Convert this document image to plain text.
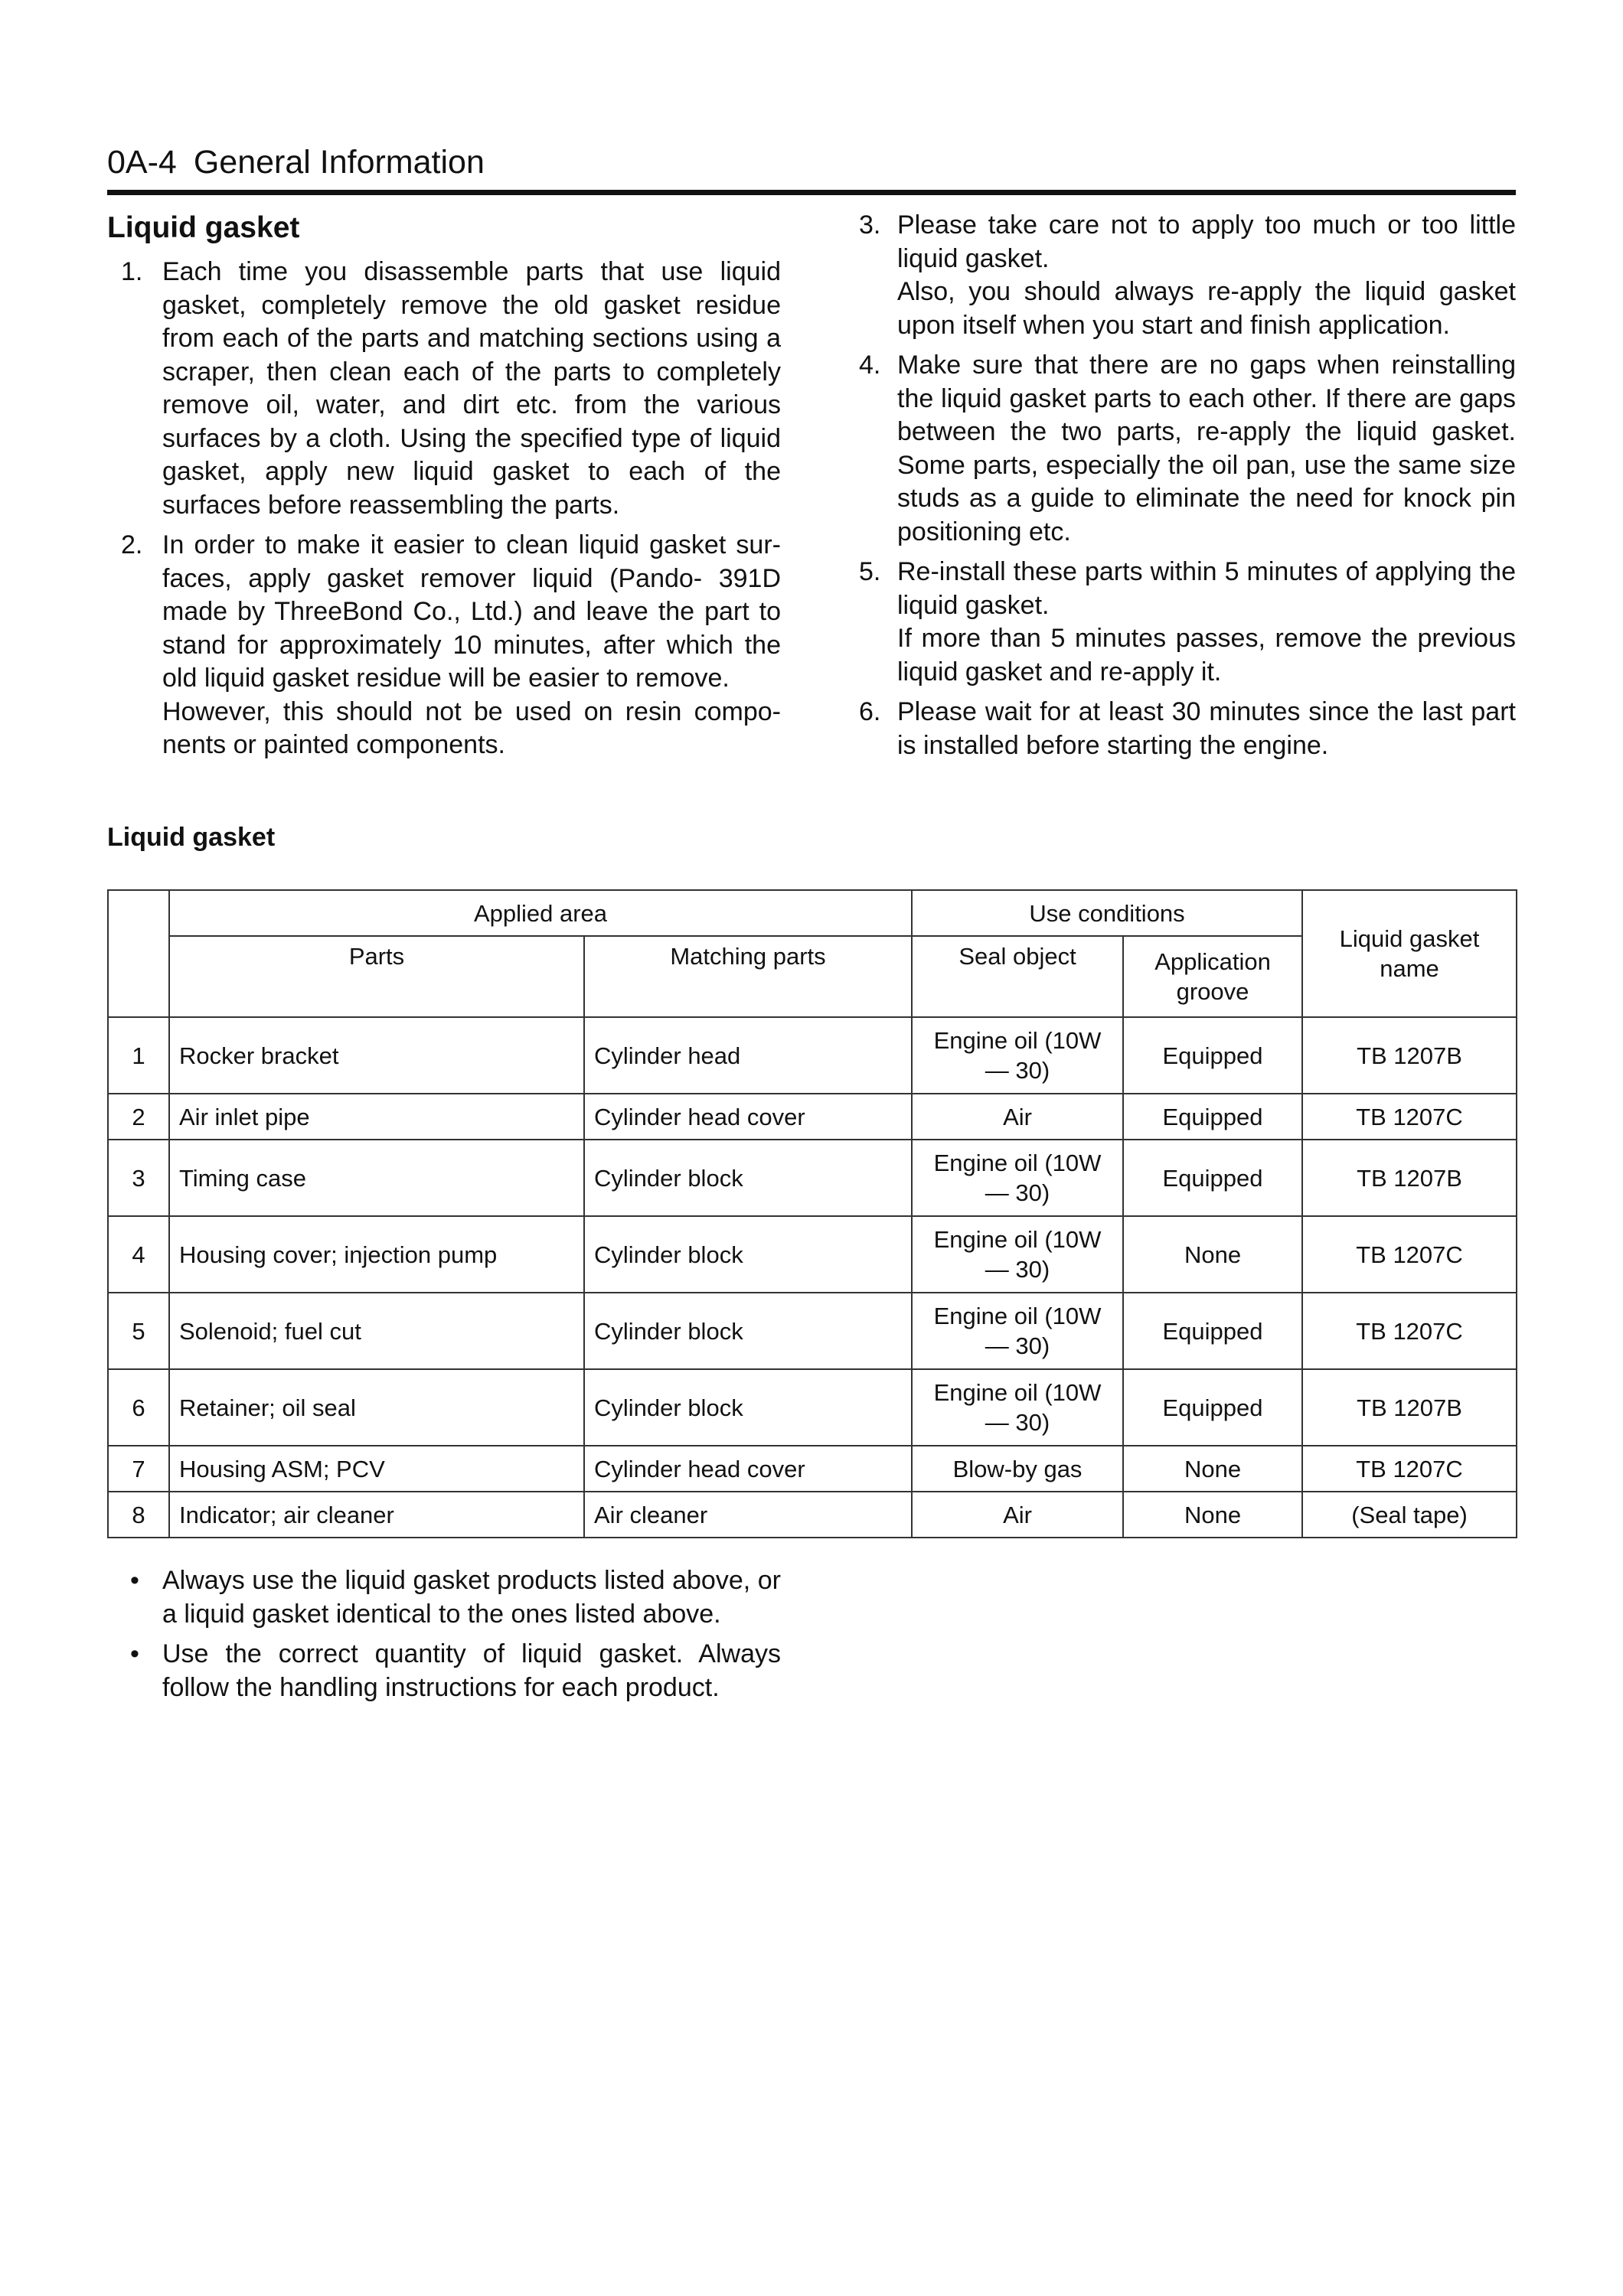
0A-4 General Information
Liquid gasket
1. Each time you disassemble parts that use liquid gasket, completely remove the old gasket residue from each of the parts and matching sections using a scraper, then clean each of the parts to completely remove oil, water, and dirt etc. from the various surfaces by a cloth. Using the specified type of liquid gasket, apply new liquid gasket to each of the surfaces before reassembling the parts.
2. In order to make it easier to clean liquid gasket surfaces, apply gasket remover liquid (Pando- 391D made by ThreeBond Co., Ltd.) and leave the part to stand for approximately 10 minutes, after which the old liquid gasket residue will be easier to remove.
However, this should not be used on resin components or painted components.
3. Please take care not to apply too much or too little liquid gasket.
Also, you should always re-apply the liquid gasket upon itself when you start and finish application.
4. Make sure that there are no gaps when reinstalling the liquid gasket parts to each other. If there are gaps between the two parts, re-apply the liquid gasket. Some parts, especially the oil pan, use the same size studs as a guide to eliminate the need for knock pin positioning etc.
5. Re-install these parts within 5 minutes of applying the liquid gasket.
If more than 5 minutes passes, remove the previous liquid gasket and re-apply it.
6. Please wait for at least 30 minutes since the last part is installed before starting the engine.
Liquid gasket
	Applied area		Use conditions		Liquid gasket name
	Parts	Matching parts	Seal object	Application groove	
1	Rocker bracket	Cylinder head	Engine oil (10W — 30)	Equipped	TB 1207B
2	Air inlet pipe	Cylinder head cover	Air	Equipped	TB 1207C
3	Timing case	Cylinder block	Engine oil (10W — 30)	Equipped	TB 1207B
4	Housing cover; injection pump	Cylinder block	Engine oil (10W — 30)	None	TB 1207C
5	Solenoid; fuel cut	Cylinder block	Engine oil (10W — 30)	Equipped	TB 1207C
6	Retainer; oil seal	Cylinder block	Engine oil (10W — 30)	Equipped	TB 1207B
7	Housing ASM; PCV	Cylinder head cover	Blow-by gas	None	TB 1207C
8	Indicator; air cleaner	Air cleaner	Air	None	(Seal tape)
• Always use the liquid gasket products listed above, or a liquid gasket identical to the ones listed above.
• Use the correct quantity of liquid gasket. Always follow the handling instructions for each product.
